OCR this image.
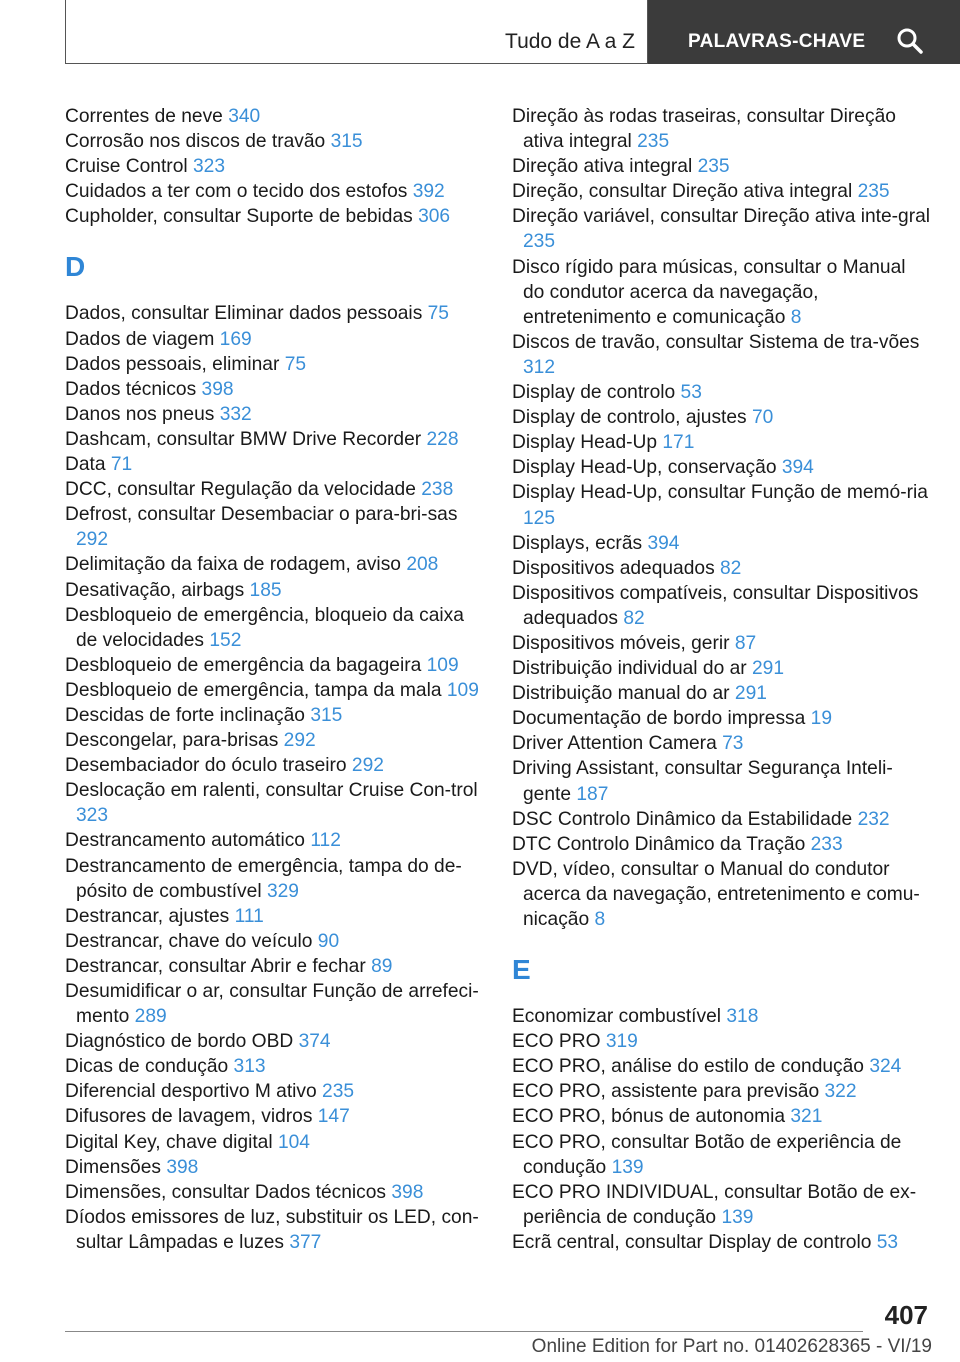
Tudo de A a Z	PALAVRAS-CHAVE
Correntes de neve 340
Corrosão nos discos de travão 315
Cruise Control 323
Cuidados a ter com o tecido dos estofos 392
Cupholder, consultar Suporte de bebidas 306
D
Dados, consultar Eliminar dados pessoais 75
Dados de viagem 169
Dados pessoais, eliminar 75
Dados técnicos 398
Danos nos pneus 332
Dashcam, consultar BMW Drive Recorder 228
Data 71
DCC, consultar Regulação da velocidade 238
Defrost, consultar Desembaciar o para-bri-sas 292
Delimitação da faixa de rodagem, aviso 208
Desativação, airbags 185
Desbloqueio de emergência, bloqueio da caixa de velocidades 152
Desbloqueio de emergência da bagageira 109
Desbloqueio de emergência, tampa da mala 109
Descidas de forte inclinação 315
Descongelar, para-brisas 292
Desembaciador do óculo traseiro 292
Deslocação em ralenti, consultar Cruise Con-trol 323
Destrancamento automático 112
Destrancamento de emergência, tampa do de-pósito de combustível 329
Destrancar, ajustes 111
Destrancar, chave do veículo 90
Destrancar, consultar Abrir e fechar 89
Desumidificar o ar, consultar Função de arrefeci-mento 289
Diagnóstico de bordo OBD 374
Dicas de condução 313
Diferencial desportivo M ativo 235
Difusores de lavagem, vidros 147
Digital Key, chave digital 104
Dimensões 398
Dimensões, consultar Dados técnicos 398
Díodos emissores de luz, substituir os LED, con-sultar Lâmpadas e luzes 377
Direção às rodas traseiras, consultar Direção ativa integral 235
Direção ativa integral 235
Direção, consultar Direção ativa integral 235
Direção variável, consultar Direção ativa inte-gral 235
Disco rígido para músicas, consultar o Manual do condutor acerca da navegação, entretenimento e comunicação 8
Discos de travão, consultar Sistema de tra-vões 312
Display de controlo 53
Display de controlo, ajustes 70
Display Head-Up 171
Display Head-Up, conservação 394
Display Head-Up, consultar Função de memó-ria 125
Displays, ecrãs 394
Dispositivos adequados 82
Dispositivos compatíveis, consultar Dispositivos adequados 82
Dispositivos móveis, gerir 87
Distribuição individual do ar 291
Distribuição manual do ar 291
Documentação de bordo impressa 19
Driver Attention Camera 73
Driving Assistant, consultar Segurança Inteli-gente 187
DSC Controlo Dinâmico da Estabilidade 232
DTC Controlo Dinâmico da Tração 233
DVD, vídeo, consultar o Manual do condutor acerca da navegação, entretenimento e comu-nicação 8
E
Economizar combustível 318
ECO PRO 319
ECO PRO, análise do estilo de condução 324
ECO PRO, assistente para previsão 322
ECO PRO, bónus de autonomia 321
ECO PRO, consultar Botão de experiência de condução 139
ECO PRO INDIVIDUAL, consultar Botão de ex-periência de condução 139
Ecrã central, consultar Display de controlo 53
407
Online Edition for Part no. 01402628365 - VI/19
